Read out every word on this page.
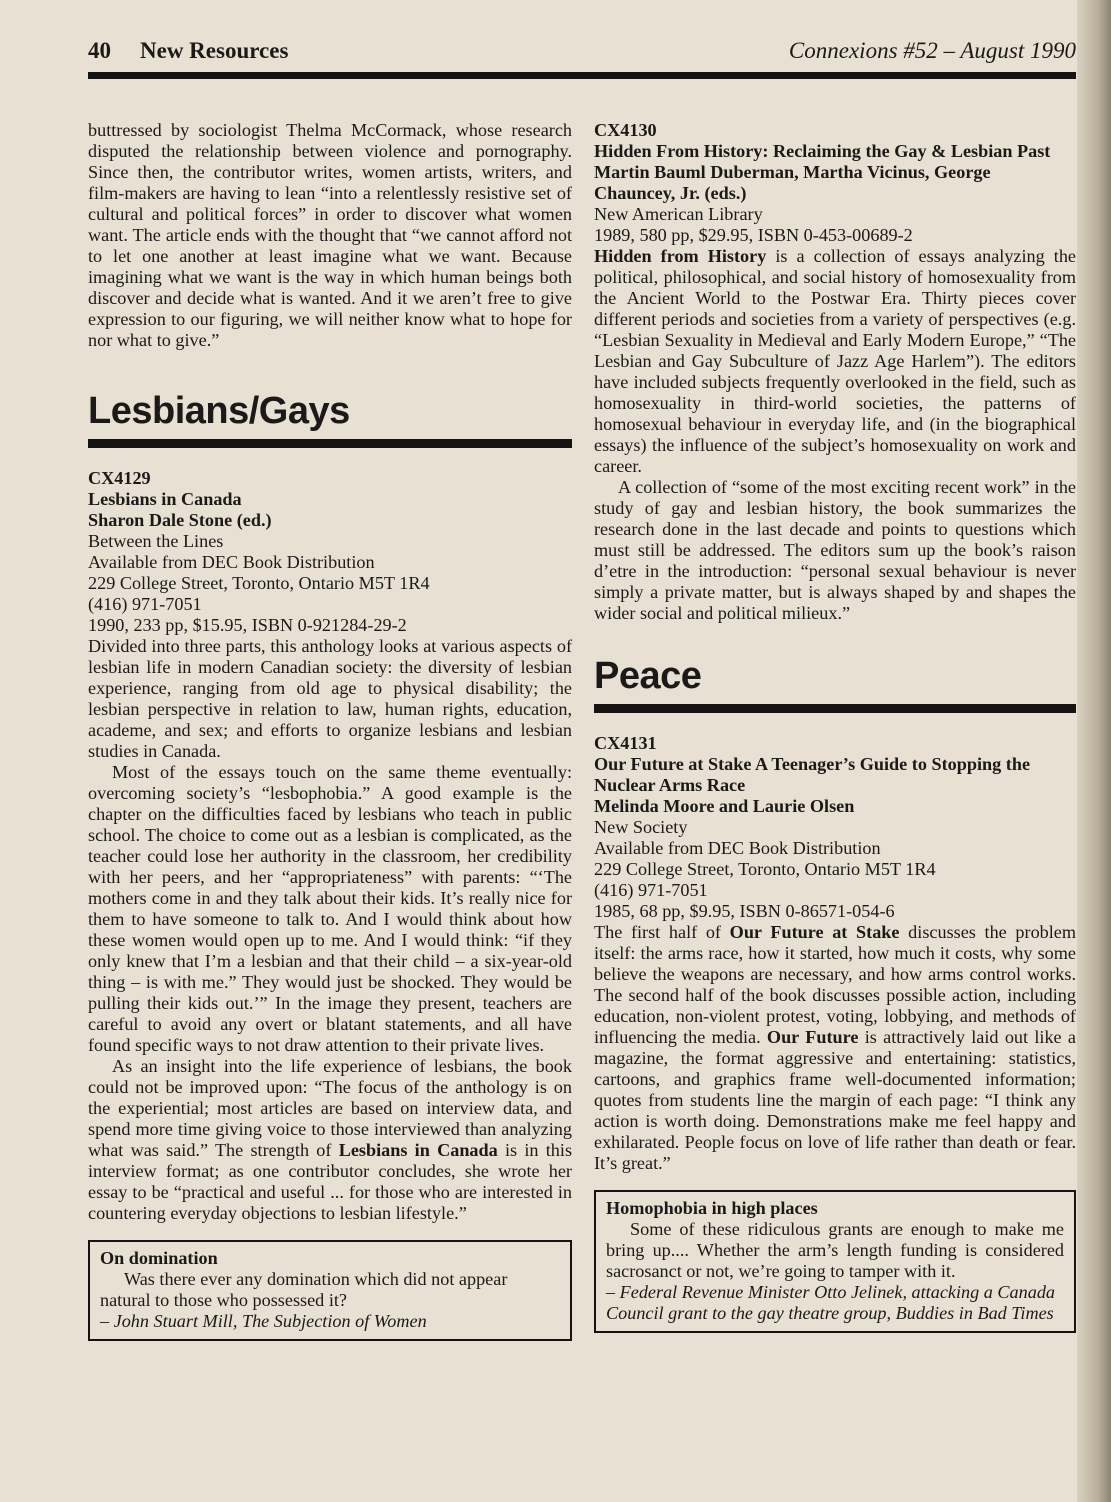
40 New Resources	Connexions #52 – August 1990

buttressed by sociologist Thelma McCormack, whose research disputed the relationship between violence and pornography. Since then, the contributor writes, women artists, writers, and film-makers are having to lean “into a relentlessly resistive set of cultural and political forces” in order to discover what women want. The article ends with the thought that “we cannot afford not to let one another at least imagine what we want. Because imagining what we want is the way in which human beings both discover and decide what is wanted. And it we aren’t free to give expression to our figuring, we will neither know what to hope for nor what to give.”

Lesbians/Gays
CX4129
Lesbians in Canada
Sharon Dale Stone (ed.)
Between the Lines
Available from DEC Book Distribution
229 College Street, Toronto, Ontario M5T 1R4
(416) 971-7051
1990, 233 pp, $15.95, ISBN 0-921284-29-2

Divided into three parts, this anthology looks at various aspects of lesbian life in modern Canadian society: the diversity of lesbian experience, ranging from old age to physical disability; the lesbian perspective in relation to law, human rights, education, academe, and sex; and efforts to organize lesbians and lesbian studies in Canada.

Most of the essays touch on the same theme eventually: overcoming society’s “lesbophobia.” A good example is the chapter on the difficulties faced by lesbians who teach in public school. The choice to come out as a lesbian is complicated, as the teacher could lose her authority in the classroom, her credibility with her peers, and her “appropriateness” with parents: “‘The mothers come in and they talk about their kids. It’s really nice for them to have someone to talk to. And I would think about how these women would open up to me. And I would think: “if they only knew that I’m a lesbian and that their child – a six-year-old thing – is with me.” They would just be shocked. They would be pulling their kids out.’” In the image they present, teachers are careful to avoid any overt or blatant statements, and all have found specific ways to not draw attention to their private lives.

As an insight into the life experience of lesbians, the book could not be improved upon: “The focus of the anthology is on the experiential; most articles are based on interview data, and spend more time giving voice to those interviewed than analyzing what was said.” The strength of Lesbians in Canada is in this interview format; as one contributor concludes, she wrote her essay to be “practical and useful ... for those who are interested in countering everyday objections to lesbian lifestyle.”

On domination
Was there ever any domination which did not appear natural to those who possessed it?
– John Stuart Mill, The Subjection of Women
CX4130
Hidden From History: Reclaiming the Gay & Lesbian Past
Martin Bauml Duberman, Martha Vicinus, George Chauncey, Jr. (eds.)
New American Library
1989, 580 pp, $29.95, ISBN 0-453-00689-2

Hidden from History is a collection of essays analyzing the political, philosophical, and social history of homosexuality from the Ancient World to the Postwar Era. Thirty pieces cover different periods and societies from a variety of perspectives (e.g. “Lesbian Sexuality in Medieval and Early Modern Europe,” “The Lesbian and Gay Subculture of Jazz Age Harlem”). The editors have included subjects frequently overlooked in the field, such as homosexuality in third-world societies, the patterns of homosexual behaviour in everyday life, and (in the biographical essays) the influence of the subject’s homosexuality on work and career.

A collection of “some of the most exciting recent work” in the study of gay and lesbian history, the book summarizes the research done in the last decade and points to questions which must still be addressed. The editors sum up the book’s raison d’etre in the introduction: “personal sexual behaviour is never simply a private matter, but is always shaped by and shapes the wider social and political milieux.”

Peace
CX4131
Our Future at Stake A Teenager’s Guide to Stopping the Nuclear Arms Race
Melinda Moore and Laurie Olsen
New Society
Available from DEC Book Distribution
229 College Street, Toronto, Ontario M5T 1R4
(416) 971-7051
1985, 68 pp, $9.95, ISBN 0-86571-054-6

The first half of Our Future at Stake discusses the problem itself: the arms race, how it started, how much it costs, why some believe the weapons are necessary, and how arms control works. The second half of the book discusses possible action, including education, non-violent protest, voting, lobbying, and methods of influencing the media. Our Future is attractively laid out like a magazine, the format aggressive and entertaining: statistics, cartoons, and graphics frame well-documented information; quotes from students line the margin of each page: “I think any action is worth doing. Demonstrations make me feel happy and exhilarated. People focus on love of life rather than death or fear. It’s great.”

Homophobia in high places
Some of these ridiculous grants are enough to make me bring up.... Whether the arm’s length funding is considered sacrosanct or not, we’re going to tamper with it.
– Federal Revenue Minister Otto Jelinek, attacking a Canada Council grant to the gay theatre group, Buddies in Bad Times
